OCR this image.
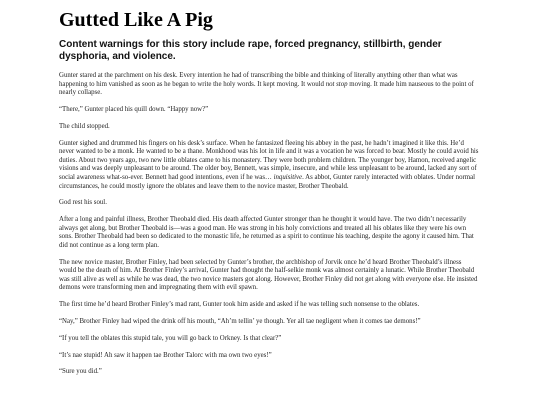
Gutted Like A Pig
Content warnings for this story include rape, forced pregnancy, stillbirth, gender dysphoria, and violence.

Gunter stared at the parchment on his desk. Every intention he had of transcribing the bible and thinking of literally anything other than what was happening to him vanished as soon as he began to write the holy words. It kept moving. It would not stop moving. It made him nauseous to the point of nearly collapse.

“There,” Gunter placed his quill down. “Happy now?”

The child stopped.

Gunter sighed and drummed his fingers on his desk’s surface. When he fantasized fleeing his abbey in the past, he hadn’t imagined it like this. He’d never wanted to be a monk. He wanted to be a thane. Monkhood was his lot in life and it was a vocation he was forced to bear. Mostly he could avoid his duties. About two years ago, two new little oblates came to his monastery. They were both problem children. The younger boy, Hamon, received angelic visions and was deeply unpleasant to be around. The older boy, Bennett, was simple, insecure, and while less unpleasant to be around, lacked any sort of social awareness what-so-ever. Bennett had good intentions, even if he was… inquisitive. As abbot, Gunter rarely interacted with oblates. Under normal circumstances, he could mostly ignore the oblates and leave them to the novice master, Brother Theobald.

God rest his soul.

After a long and painful illness, Brother Theobald died. His death affected Gunter stronger than he thought it would have. The two didn’t necessarily always get along, but Brother Theobald is—was a good man. He was strong in his holy convictions and treated all his oblates like they were his own sons. Brother Theobald had been so dedicated to the monastic life, he returned as a spirit to continue his teaching, despite the agony it caused him. That did not continue as a long term plan.

The new novice master, Brother Finley, had been selected by Gunter’s brother, the archbishop of Jorvik once he’d heard Brother Theobald’s illness would be the death of him. At Brother Finley’s arrival, Gunter had thought the half-selkie monk was almost certainly a lunatic. While Brother Theobald was still alive as well as while he was dead, the two novice masters got along. However, Brother Finley did not get along with everyone else. He insisted demons were transforming men and impregnating them with evil spawn.

The first time he’d heard Brother Finley’s mad rant, Gunter took him aside and asked if he was telling such nonsense to the oblates.

“Nay,” Brother Finley had wiped the drink off his mouth, “Ah’m tellin’ ye though. Yer all tae negligent when it comes tae demons!”

“If you tell the oblates this stupid tale, you will go back to Orkney. Is that clear?”

“It’s nae stupid! Ah saw it happen tae Brother Talorc with ma own two eyes!”

“Sure you did.”
